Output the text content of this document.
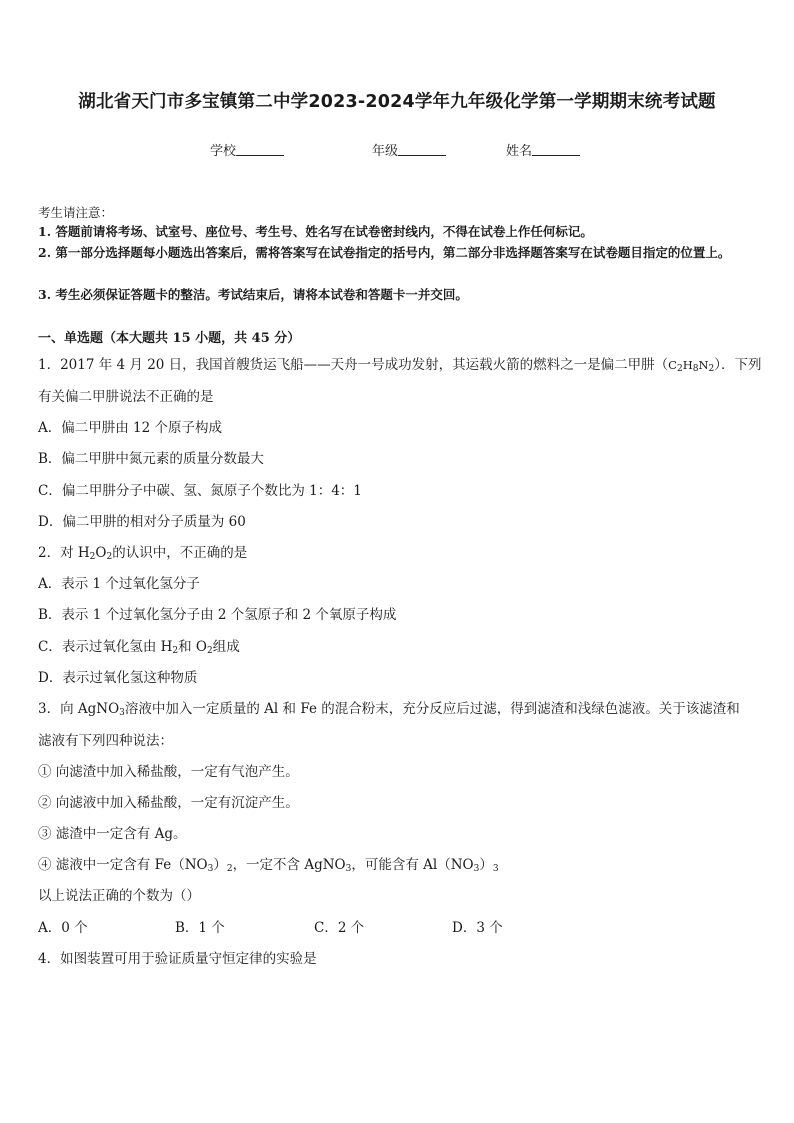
湖北省天门市多宝镇第二中学2023-2024学年九年级化学第一学期期末统考试题
学校	年级	姓名
考生请注意：
1. 答题前请将考场、试室号、座位号、考生号、姓名写在试卷密封线内，不得在试卷上作任何标记。
2. 第一部分选择题每小题选出答案后，需将答案写在试卷指定的括号内，第二部分非选择题答案写在试卷题目指定的位置上。
3. 考生必须保证答题卡的整洁。考试结束后，请将本试卷和答题卡一并交回。
一、单选题（本大题共 15 小题，共 45 分）
1．2017 年 4 月 20 日，我国首艘货运飞船——天舟一号成功发射，其运载火箭的燃料之一是偏二甲肼$(C_2H_8N_2)$．下列
有关偏二甲肼说法不正确的是
A．偏二甲肼由 12 个原子构成
B．偏二甲肼中氮元素的质量分数最大
C．偏二甲肼分子中碳、氢、氮原子个数比为 1：4：1
D．偏二甲肼的相对分子质量为 60
2．对 $H_2O_2$的认识中，不正确的是
A．表示 1 个过氧化氢分子
B．表示 1 个过氧化氢分子由 2 个氢原子和 2 个氧原子构成
C．表示过氧化氢由 $H_2$和 $O_2$组成
D．表示过氧化氢这种物质
3．向 AgNO$_3$溶液中加入一定质量的 Al 和 Fe 的混合粉末，充分反应后过滤，得到滤渣和浅绿色滤液。关于该滤渣和
滤液有下列四种说法：
① 向滤渣中加入稀盐酸，一定有气泡产生。
② 向滤液中加入稀盐酸，一定有沉淀产生。
③ 滤渣中一定含有 Ag。
④ 滤液中一定含有 $Fe(NO_3)_2$，一定不含 AgNO$_3$，可能含有 $Al(NO_3)_3$
以上说法正确的个数为（）
A．0 个	B．1 个	C．2 个	D．3 个
4．如图装置可用于验证质量守恒定律的实验是
